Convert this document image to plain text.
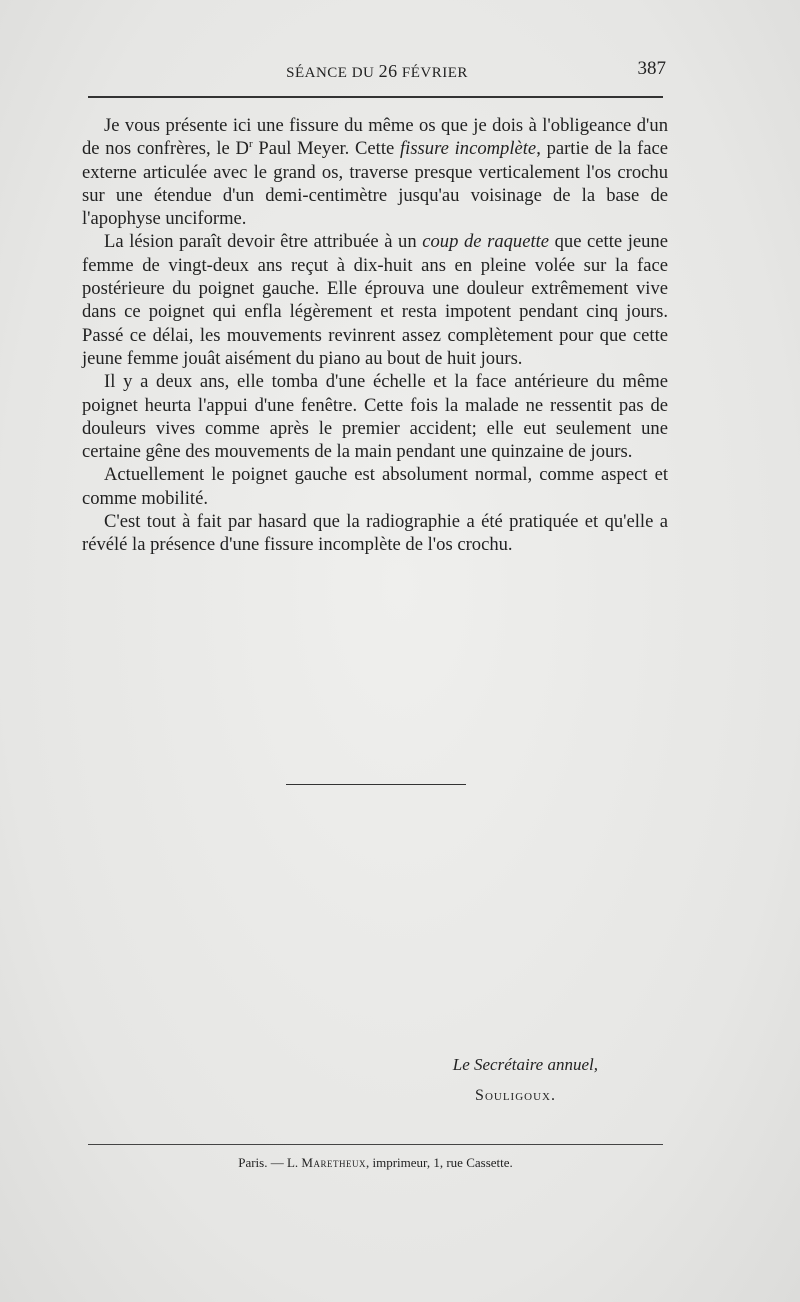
SÉANCE DU 26 FÉVRIER	387

Je vous présente ici une fissure du même os que je dois à l'obligeance d'un de nos confrères, le $D^r$ Paul Meyer. Cette fissure incomplète, partie de la face externe articulée avec le grand os, traverse presque verticalement l'os crochu sur une étendue d'un demi-centimètre jusqu'au voisinage de la base de l'apophyse unciforme.

La lésion paraît devoir être attribuée à un coup de raquette que cette jeune femme de vingt-deux ans reçut à dix-huit ans en pleine volée sur la face postérieure du poignet gauche. Elle éprouva une douleur extrêmement vive dans ce poignet qui enfla légèrement et resta impotent pendant cinq jours. Passé ce délai, les mouvements revinrent assez complètement pour que cette jeune femme jouât aisément du piano au bout de huit jours.

Il y a deux ans, elle tomba d'une échelle et la face antérieure du même poignet heurta l'appui d'une fenêtre. Cette fois la malade ne ressentit pas de douleurs vives comme après le premier accident; elle eut seulement une certaine gêne des mouvements de la main pendant une quinzaine de jours.

Actuellement le poignet gauche est absolument normal, comme aspect et comme mobilité.

C'est tout à fait par hasard que la radiographie a été pratiquée et qu'elle a révélé la présence d'une fissure incomplète de l'os crochu.

Le Secrétaire annuel,
Souligoux.
Paris. — L. Maretheux, imprimeur, 1, rue Cassette.
